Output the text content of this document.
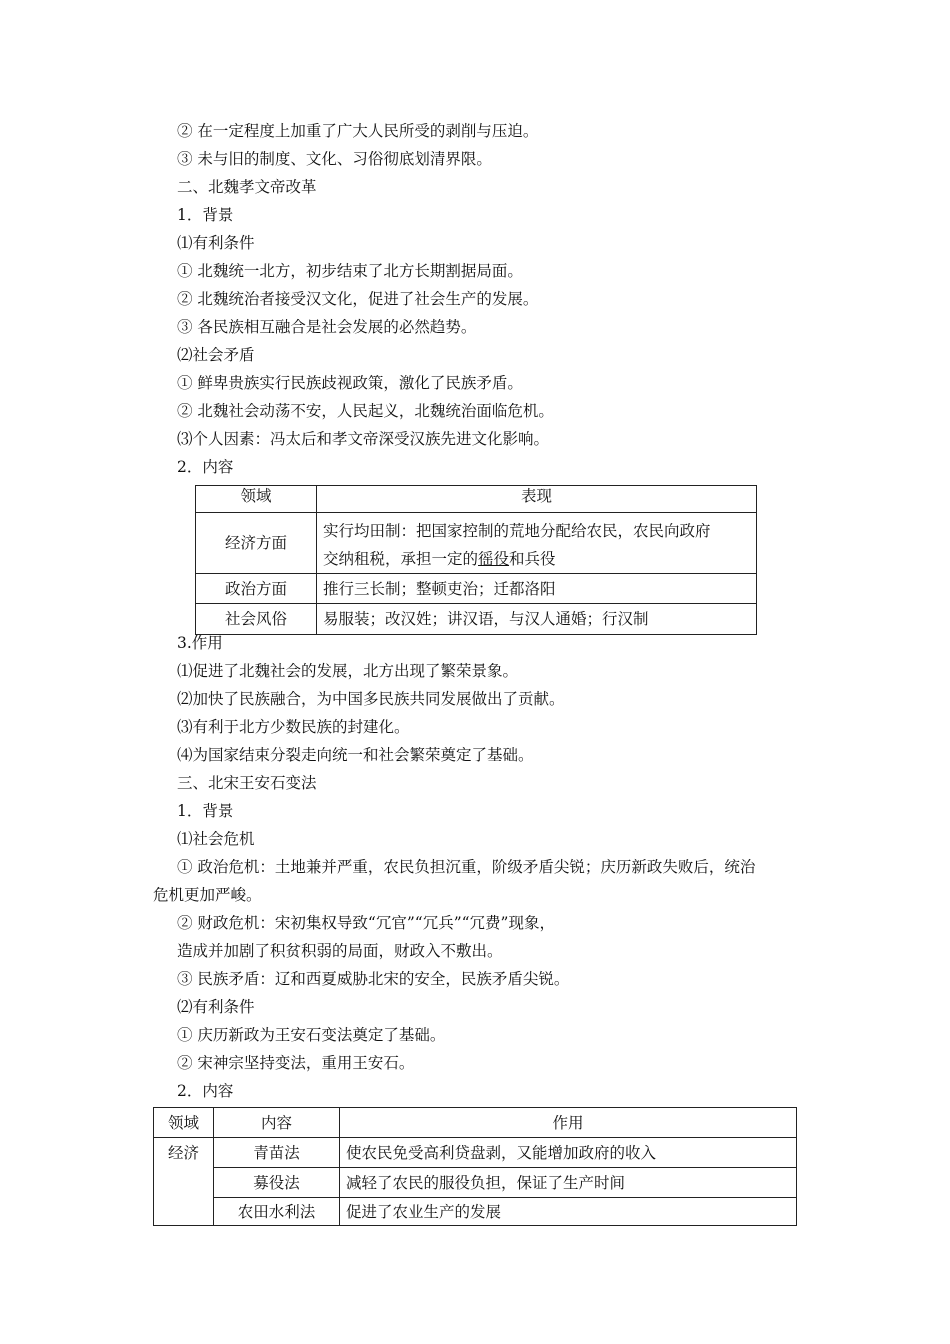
② 在一定程度上加重了广大人民所受的剥削与压迫。
③ 未与旧的制度、文化、习俗彻底划清界限。
二、北魏孝文帝改革
1．背景
⑴有利条件
① 北魏统一北方，初步结束了北方长期割据局面。
② 北魏统治者接受汉文化，促进了社会生产的发展。
③ 各民族相互融合是社会发展的必然趋势。
⑵社会矛盾
① 鲜卑贵族实行民族歧视政策，激化了民族矛盾。
② 北魏社会动荡不安，人民起义，北魏统治面临危机。
⑶个人因素：冯太后和孝文帝深受汉族先进文化影响。
2．内容
领域	表现
经济方面	实行均田制：把国家控制的荒地分配给农民，农民向政府
交纳租税，承担一定的徭役和兵役

政治方面	推行三长制；整顿吏治；迁都洛阳
社会风俗	易服装；改汉姓；讲汉语，与汉人通婚；行汉制
3.作用
⑴促进了北魏社会的发展，北方出现了繁荣景象。
⑵加快了民族融合，为中国多民族共同发展做出了贡献。
⑶有利于北方少数民族的封建化。
⑷为国家结束分裂走向统一和社会繁荣奠定了基础。
三、北宋王安石变法
1．背景
⑴社会危机
① 政治危机：土地兼并严重，农民负担沉重，阶级矛盾尖锐；庆历新政失败后，统治
危机更加严峻。
② 财政危机：宋初集权导致“冗官”“冗兵”“冗费”现象，
造成并加剧了积贫积弱的局面，财政入不敷出。
③ 民族矛盾：辽和西夏威胁北宋的安全，民族矛盾尖锐。
⑵有利条件
① 庆历新政为王安石变法奠定了基础。
② 宋神宗坚持变法，重用王安石。
2．内容
领域	内容	作用
经济	青苗法	使农民免受高利贷盘剥，又能增加政府的收入
	募役法	减轻了农民的服役负担，保证了生产时间
	农田水利法	促进了农业生产的发展
